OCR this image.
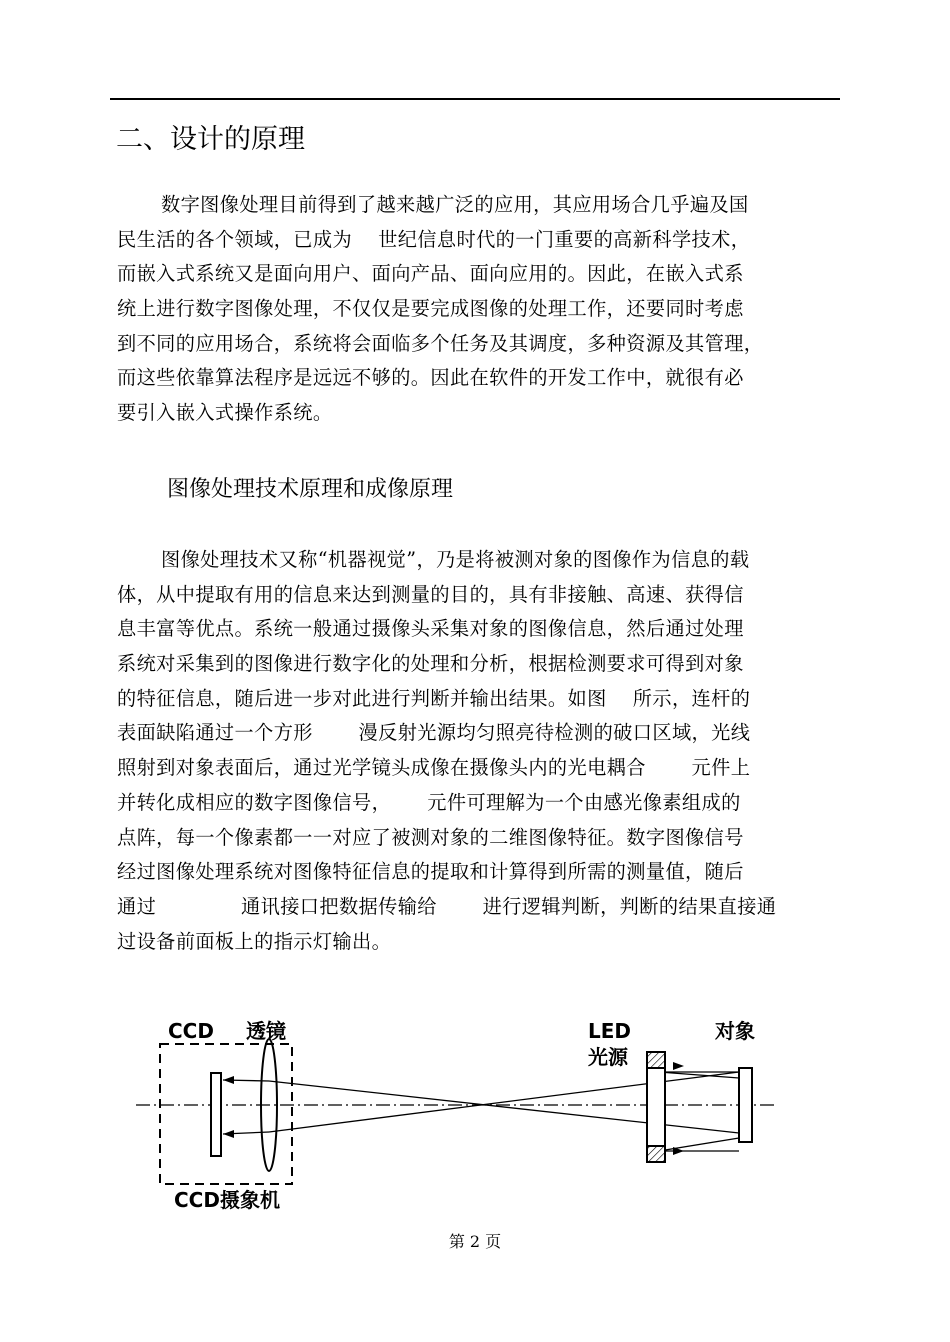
二、设计的原理
数字图像处理目前得到了越来越广泛的应用，其应用场合几乎遍及国
民生活的各个领域，已成为　 世纪信息时代的一门重要的高新科学技术，
而嵌入式系统又是面向用户、面向产品、面向应用的。因此，在嵌入式系
统上进行数字图像处理，不仅仅是要完成图像的处理工作，还要同时考虑
到不同的应用场合，系统将会面临多个任务及其调度，多种资源及其管理，
而这些依靠算法程序是远远不够的。因此在软件的开发工作中，就很有必
要引入嵌入式操作系统。
图像处理技术原理和成像原理
图像处理技术又称“机器视觉”，乃是将被测对象的图像作为信息的载
体，从中提取有用的信息来达到测量的目的，具有非接触、高速、获得信
息丰富等优点。系统一般通过摄像头采集对象的图像信息，然后通过处理
系统对采集到的图像进行数字化的处理和分析，根据检测要求可得到对象
的特征信息，随后进一步对此进行判断并输出结果。如图　 所示，连杆的
表面缺陷通过一个方形　　 漫反射光源均匀照亮待检测的破口区域，光线
照射到对象表面后，通过光学镜头成像在摄像头内的光电耦合　　 元件上
并转化成相应的数字图像信号，　　 元件可理解为一个由感光像素组成的
点阵，每一个像素都一一对应了被测对象的二维图像特征。数字图像信号
经过图像处理系统对图像特征信息的提取和计算得到所需的测量值，随后
通过　　　　 通讯接口把数据传输给　　 进行逻辑判断，判断的结果直接通
过设备前面板上的指示灯输出。
CCD 透镜	LED
光源
对象
CCD摄象机
第 2 页
